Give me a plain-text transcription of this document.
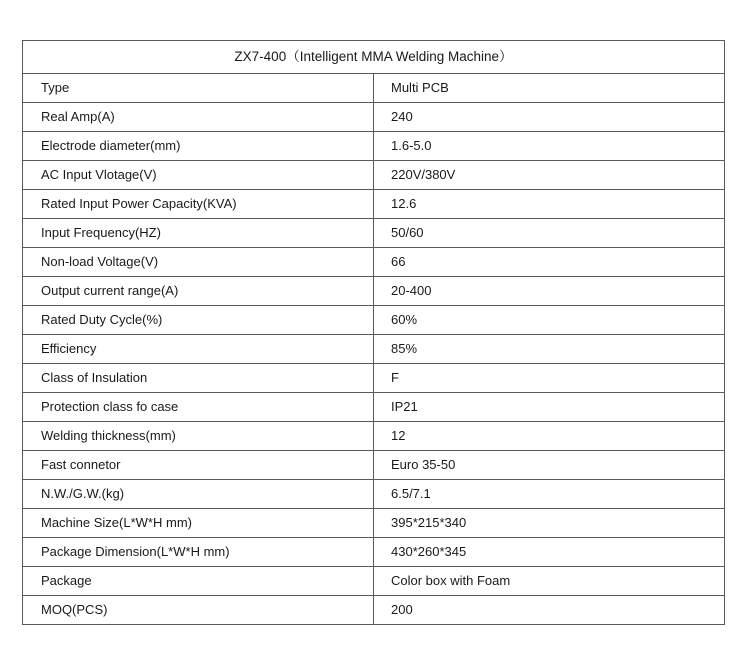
ZX7-400（Intelligent MMA Welding Machine）	
Type	Multi PCB
Real Amp(A)	240
Electrode diameter(mm)	1.6-5.0
AC Input Vlotage(V)	220V/380V
Rated Input Power Capacity(KVA)	12.6
Input Frequency(HZ)	50/60
Non-load Voltage(V)	66
Output current range(A)	20-400
Rated Duty Cycle(%)	60%
Efficiency	85%
Class of Insulation	F
Protection class fo case	IP21
Welding thickness(mm)	12
Fast connetor	Euro 35-50
N.W./G.W.(kg)	6.5/7.1
Machine Size(L*W*H mm)	395*215*340
Package Dimension(L*W*H mm)	430*260*345
Package	Color box with Foam
MOQ(PCS)	200
